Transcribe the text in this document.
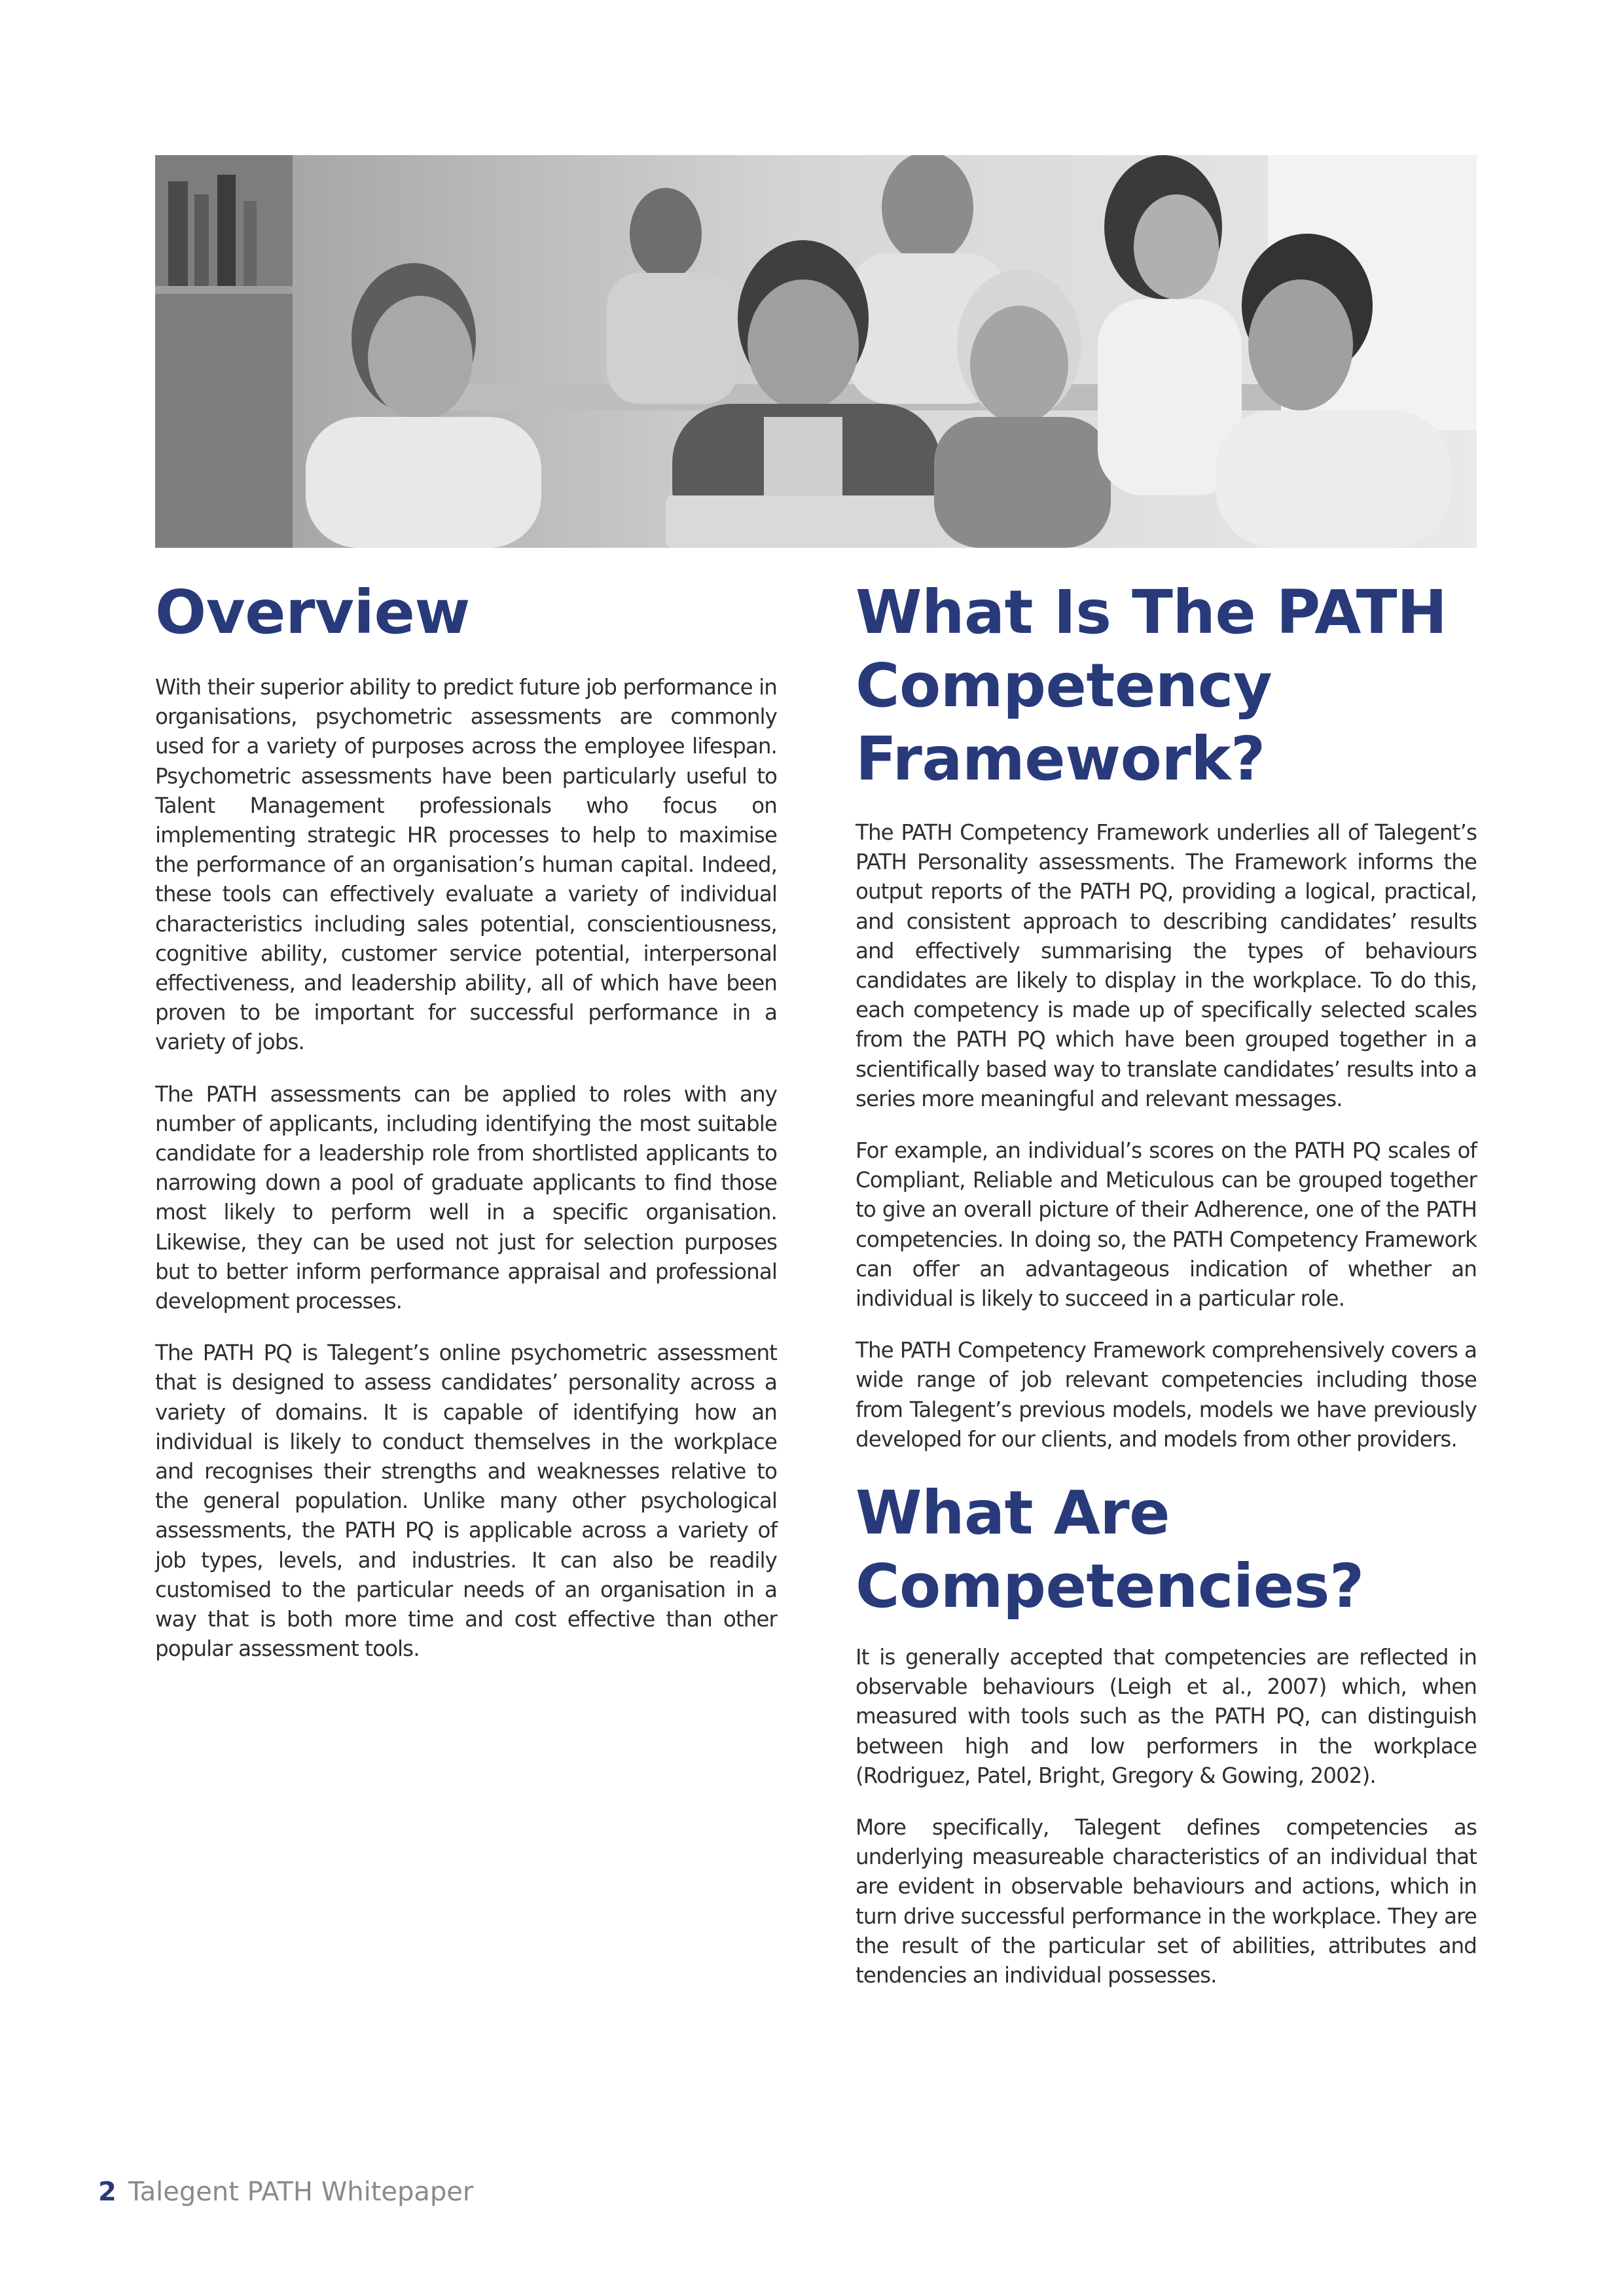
Overview

With their superior ability to predict future job performance in organisations, psychometric assessments are commonly used for a variety of purposes across the employee lifespan. Psychometric assessments have been particularly useful to Talent Management professionals who focus on implementing strategic HR processes to help to maximise the performance of an organisation’s human capital. Indeed, these tools can effectively evaluate a variety of individual characteristics including sales potential, conscientiousness, cognitive ability, customer service potential, interpersonal effectiveness, and leadership ability, all of which have been proven to be important for successful performance in a variety of jobs.

The PATH assessments can be applied to roles with any number of applicants, including identifying the most suitable candidate for a leadership role from shortlisted applicants to narrowing down a pool of graduate applicants to find those most likely to perform well in a specific organisation. Likewise, they can be used not just for selection purposes but to better inform performance appraisal and professional development processes.

The PATH PQ is Talegent’s online psychometric assessment that is designed to assess candidates’ personality across a variety of domains. It is capable of identifying how an individual is likely to conduct themselves in the workplace and recognises their strengths and weaknesses relative to the general population. Unlike many other psychological assessments, the PATH PQ is applicable across a variety of job types, levels, and industries. It can also be readily customised to the particular needs of an organisation in a way that is both more time and cost effective than other popular assessment tools.

What Is The PATH Competency Framework?

The PATH Competency Framework underlies all of Talegent’s PATH Personality assessments. The Framework informs the output reports of the PATH PQ, providing a logical, practical, and consistent approach to describing candidates’ results and effectively summarising the types of behaviours candidates are likely to display in the workplace. To do this, each competency is made up of specifically selected scales from the PATH PQ which have been grouped together in a scientifically based way to translate candidates’ results into a series more meaningful and relevant messages.

For example, an individual’s scores on the PATH PQ scales of Compliant, Reliable and Meticulous can be grouped together to give an overall picture of their Adherence, one of the PATH competencies. In doing so, the PATH Competency Framework can offer an advantageous indication of whether an individual is likely to succeed in a particular role.

The PATH Competency Framework comprehensively covers a wide range of job relevant competencies including those from Talegent’s previous models, models we have previously developed for our clients, and models from other providers.

What Are Competencies?

It is generally accepted that competencies are reflected in observable behaviours (Leigh et al., 2007) which, when measured with tools such as the PATH PQ, can distinguish between high and low performers in the workplace (Rodriguez, Patel, Bright, Gregory & Gowing, 2002).

More specifically, Talegent defines competencies as underlying measureable characteristics of an individual that are evident in observable behaviours and actions, which in turn drive successful performance in the workplace. They are the result of the particular set of abilities, attributes and tendencies an individual possesses.

2 Talegent PATH Whitepaper
